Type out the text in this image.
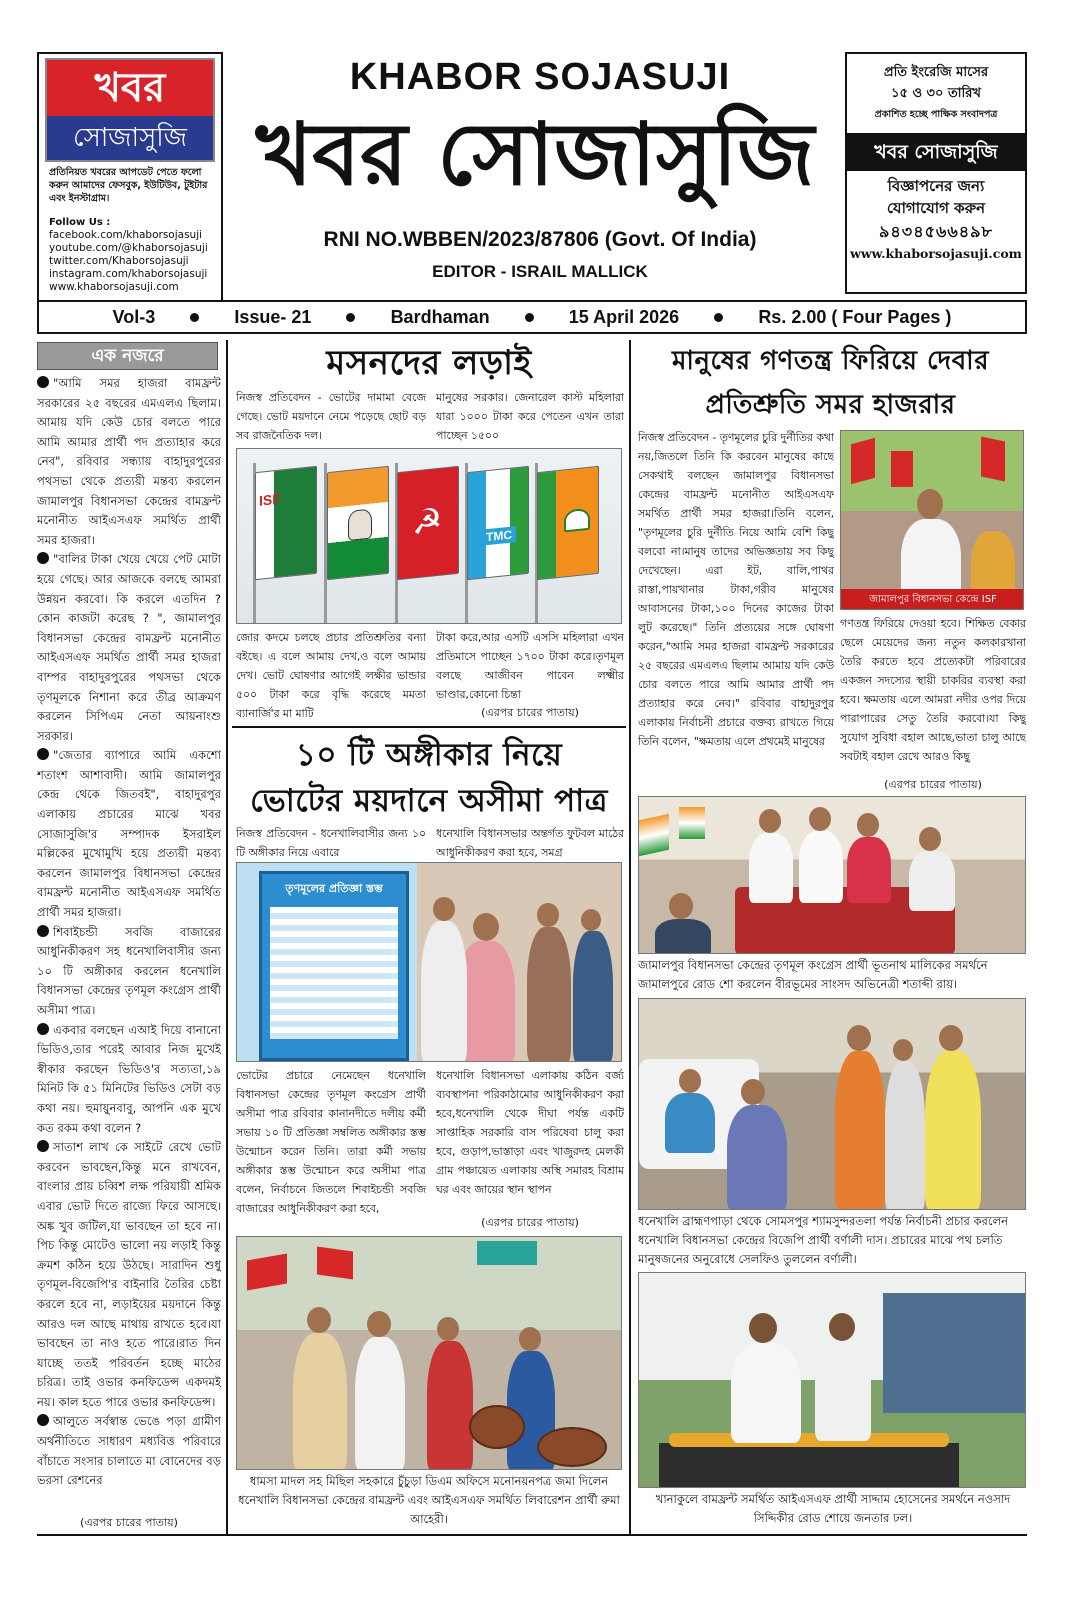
খবর
সোজাসুজি
প্রতিনিয়ত খবরের আপডেট পেতে ফলো করুন আমাদের ফেসবুক, ইউটিউব, টুইটার এবং ইনস্টাগ্রাম।
Follow Us :
facebook.com/khaborsojasuji
youtube.com/@khaborsojasuji
twitter.com/Khaborsojasuji
instagram.com/khaborsojasuji
www.khaborsojasuji.com
KHABOR SOJASUJI
খবর সোজাসুজি
RNI NO.WBBEN/2023/87806 (Govt. Of India)
EDITOR - ISRAIL MALLICK
প্রতি ইংরেজি মাসের
১৫ ও ৩০ তারিখ
প্রকাশিত হচ্ছে পাক্ষিক সংবাদপত্র
খবর সোজাসুজি
বিজ্ঞাপনের জন্য
যোগাযোগ করুন
৯৪৩৪৫৬৬৪৯৮
www.khaborsojasuji.com
Vol-3	Issue- 21	Bardhaman	15 April 2026	Rs. 2.00 ( Four Pages )
এক নজরে

"আমি সমর হাজরা বামফ্রন্ট সরকারের ২৫ বছরের এমএলএ ছিলাম। আমায় যদি কেউ চোর বলতে পারে আমি আমার প্রার্থী পদ প্রত্যাহার করে নেব", রবিবার সন্ধ্যায় বাহাদুরপুরের পথসভা থেকে প্রত্যয়ী মন্তব্য করলেন জামালপুর বিধানসভা কেন্দ্রের বামফ্রন্ট মনোনীত আইএসএফ সমর্থিত প্রার্থী সমর হাজরা।

"বালির টাকা খেয়ে খেয়ে পেট মোটা হয়ে গেছে। আর আজকে বলছে আমরা উন্নয়ন করবো। কি করলে এতদিন ? কোন কাজটা করেছ ? ", জামালপুর বিধানসভা কেন্দ্রের বামফ্রন্ট মনোনীত আইএসএফ সমর্থিত প্রার্থী সমর হাজরা বাম্পর বাহাদুরপুরের পথসভা থেকে তৃণমূলকে নিশানা করে তীব্র আক্রমণ করলেন সিপিএম নেতা আয়নাংশু সরকার।

"জেতার ব্যাপারে আমি একশো শতাংশ আশাবাদী। আমি জামালপুর কেন্দ্র থেকে জিতবই", বাহাদুরপুর এলাকায় প্রচারের মাঝে খবর সোজাসুজি'র সম্পাদক ইসরাইল মল্লিকের মুখোমুখি হয়ে প্রত্যয়ী মন্তব্য করলেন জামালপুর বিধানসভা কেন্দ্রের বামফ্রন্ট মনোনীত আইএসএফ সমর্থিত প্রার্থী সমর হাজরা।

শিবাইচন্ডী সবজি বাজারের আধুনিকীকরণ সহ ধনেখালিবাসীর জন্য ১০ টি অঙ্গীকার করলেন ধনেখালি বিধানসভা কেন্দ্রের তৃণমূল কংগ্রেস প্রার্থী অসীমা পাত্র।

একবার বলছেন এআই দিয়ে বানানো ভিডিও,তার পরেই আবার নিজ মুখেই স্বীকার করছেন ভিডিও'র সত্যতা,১৯ মিনিট কি ৫১ মিনিটের ভিডিও সেটা বড় কথা নয়। হুমায়ুনবাবু, আপনি এক মুখে কত রকম কথা বলেন ?

সাতাশ লাখ কে সাইটে রেখে ভোট করবেন ভাবছেন,কিন্তু মনে রাখবেন, বাংলার প্রায় চব্বিশ লক্ষ পরিযায়ী শ্রমিক এবার ভোট দিতে রাজ্যে ফিরে আসছে।অঙ্ক খুব জটিল,যা ভাবছেন তা হবে না।পিচ কিন্তু মোটেও ভালো নয় লড়াই কিন্তু ক্রমশ কঠিন হয়ে উঠছে। সারাদিন শুধু তৃণমূল-বিজেপি'র বাইনারি তৈরির চেষ্টা করলে হবে না, লড়াইয়ের ময়দানে কিন্তু আরও দল আছে মাথায় রাখতে হবে।যা ভাবছেন তা নাও হতে পারে।রাত দিন যাচ্ছে ততই পরিবর্তন হচ্ছে মাঠের চরিত্র। তাই ওভার কনফিডেন্স একদমই নয়। কাল হতে পারে ওভার কনফিডেন্স।

আলুতে সর্বস্বান্ত ভেঙে পড়া গ্রামীণ অর্থনীতিতে সাধারণ মধ্যবিত্ত পরিবারে বাঁচাতে সংসার চালাতে মা বোনেদের বড় ভরসা রেশনের

(এরপর চারের পাতায়)
মসনদের লড়াই
নিজস্ব প্রতিবেদন - ভোটের দামামা বেজে গেছে। ভোট ময়দানে নেমে পড়েছে ছোট বড় সব রাজনৈতিক দল।
মানুষের সরকার। জেনারেল কাস্ট মহিলারা যারা ১০০০ টাকা করে পেতেন এখন তারা পাচ্ছেন ১৫০০
ISF
☭	TMC
জোর কদমে চলছে প্রচার প্রতিশ্রুতির বন্যা বইছে। এ বলে আমায় দেখ,ও বলে আমায় দেখ। ভোট ঘোষণার আগেই লক্ষীর ভান্ডার ৫০০ টাকা করে বৃদ্ধি করেছে মমতা ব্যানার্জি'র মা মাটি
টাকা করে,আর এসটি এসসি মহিলারা এখন প্রতিমাসে পাচ্ছেন ১৭০০ টাকা করে।তৃণমূল বলছে আজীবন পাবেন লক্ষ্মীর ভাণ্ডার,কোনো চিন্তা
(এরপর চারের পাতায়)
১০ টি অঙ্গীকার নিয়ে
ভোটের ময়দানে অসীমা পাত্র
নিজস্ব প্রতিবেদন - ধনেখালিবাসীর জন্য ১০ টি অঙ্গীকার নিয়ে এবারে
ধনেখালি বিধানসভার অন্তর্গত ফুটবল মাঠের আধুনিকীকরণ করা হবে, সমগ্র
তৃণমূলের প্রতিজ্ঞা স্তম্ভ
ভোটের প্রচারে নেমেছেন ধনেখালি বিধানসভা কেন্দ্রের তৃণমূল কংগ্রেস প্রার্থী অসীমা পাত্র রবিবার কানানদীতে দলীয় কর্মী সভায় ১০ টি প্রতিজ্ঞা সম্বলিত অঙ্গীকার স্তম্ভ উন্মোচন করেন তিনি। তারা কর্মী সভায় অঙ্গীকার স্তম্ভ উন্মোচন করে অসীমা পাত্র বলেন, নির্বাচনে জিতলে শিবাইচন্ডী সবজি বাজারের আধুনিকীকরণ করা হবে,
ধনেখালি বিধানসভা এলাকায় কঠিন বর্জ্য ব্যবস্থাপনা পরিকাঠামোর আধুনিকীকরণ করা হবে,ধনেখালি থেকে দীঘা পর্যন্ত একটি সাপ্তাহিক সরকারি বাস পরিষেবা চালু করা হবে, গুড়াপ,ভাস্তাড়া এবং খাজুরদহ মেলকী গ্রাম পঞ্চায়েত এলাকায় অস্থি সমারহ বিশ্রাম ঘর এবং জায়ের স্থান স্থাপন
(এরপর চারের পাতায়)
ধামসা মাদল সহ মিছিল সহকারে চুঁচুড়া ডিএম অফিসে মনোনয়নপত্র জমা দিলেন ধনেখালি বিধানসভা কেন্দ্রের বামফ্রন্ট এবং আইএসএফ সমর্থিত লিবারেশন প্রার্থী রুমা আহেরী।
মানুষের গণতন্ত্র ফিরিয়ে দেবার
প্রতিশ্রুতি সমর হাজরার
নিজস্ব প্রতিবেদন - তৃণমূলের চুরি দুর্নীতির কথা নয়,জিতলে তিনি কি করবেন মানুষের কাছে সেকথাই বলছেন জামালপুর বিধানসভা কেন্দ্রের বামফ্রন্ট মনোনীত আইএসএফ সমর্থিত প্রার্থী সমর হাজরা।তিনি বলেন, "তৃণমূলের চুরি দুর্নীতি নিয়ে আমি বেশি কিছু বলবো না।মানুষ তাদের অভিজ্ঞতায় সব কিছু দেখেছেন। এরা ইট, বালি,পাথর রাস্তা,পায়খানার টাকা,গরীব মানুষের আবাসনের টাকা,১০০ দিনের কাজের টাকা লুট করেছে।" তিনি প্রত্যয়ের সঙ্গে ঘোষণা করেন,"আমি সমর হাজরা বামফ্রন্ট সরকারের ২৫ বছরের এমএলএ ছিলাম আমায় যদি কেউ চোর বলতে পারে আমি আমার প্রার্থী পদ প্রত্যাহার করে নেব।" রবিবার বাহাদুরপুর এলাকায় নির্বাচনী প্রচারে বক্তব্য রাখতে গিয়ে তিনি বলেন, "ক্ষমতায় এলে প্রথমেই মানুষের
জামালপুর বিধানসভা কেন্দ্রে ISF
গণতন্ত্র ফিরিয়ে দেওয়া হবে। শিক্ষিত বেকার ছেলে মেয়েদের জন্য নতুন কলকারখানা তৈরি করতে হবে প্রত্যেকটা পরিবারের একজন সদস্যের স্থায়ী চাকরির ব্যবস্থা করা হবে। ক্ষমতায় এলে আমরা নদীর ওপর দিয়ে পারাপারের সেতু তৈরি করবো।যা কিছু সুযোগ সুবিধা বহাল আছে,ভাতা চালু আছে সবটাই বহাল রেখে আরও কিছু
(এরপর চারের পাতায়)
জামালপুর বিধানসভা কেন্দ্রের তৃণমূল কংগ্রেস প্রার্থী ভূতনাথ মালিকের সমর্থনে জামালপুরে রোড শো করলেন বীরভূমের সাংসদ অভিনেত্রী শতাব্দী রায়।
ধনেখালি ব্রাহ্মণপাড়া থেকে সোমসপুর শ্যামসুন্দরতলা পর্যন্ত নির্বাচনী প্রচার করলেন ধনেখালি বিধানসভা কেন্দ্রের বিজেপি প্রার্থী বর্ণালী দাস। প্রচারের মাঝে পথ চলতি মানুষজনের অনুরোধে সেলফিও তুললেন বর্ণালী।
খানাকুলে বামফ্রন্ট সমর্থিত আইএসএফ প্রার্থী সাদ্দাম হোসেনের সমর্থনে নওসাদ সিদ্দিকীর রোড শোয়ে জনতার ঢল।
